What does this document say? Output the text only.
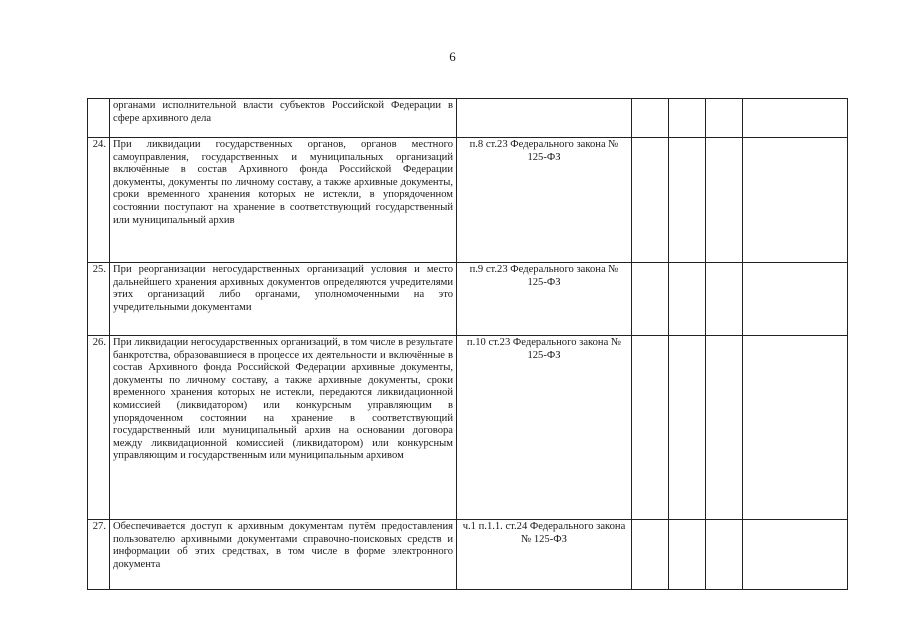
6
	органами исполнительной власти субъектов Российской Федерации в сфере архивного дела					
24.	При ликвидации государственных органов, органов местного самоуправления, государственных и муниципальных организаций включённые в состав Архивного фонда Российской Федерации документы, документы по личному составу, а также архивные документы, сроки временного хранения которых не истекли, в упорядоченном состоянии поступают на хранение в соответствующий государственный или муниципальный архив	п.8 ст.23 Федерального закона № 125-ФЗ				
25.	При реорганизации негосударственных организаций условия и место дальнейшего хранения архивных документов определяются учредителями этих организаций либо органами, уполномоченными на это учредительными документами	п.9 ст.23 Федерального закона № 125-ФЗ				
26.	При ликвидации негосударственных организаций, в том числе в результате банкротства, образовавшиеся в процессе их деятельности и включённые в состав Архивного фонда Российской Федерации архивные документы, документы по личному составу, а также архивные документы, сроки временного хранения которых не истекли, передаются ликвидационной комиссией (ликвидатором) или конкурсным управляющим в упорядоченном состоянии на хранение в соответствующий государственный или муниципальный архив на основании договора между ликвидационной комиссией (ликвидатором) или конкурсным управляющим и государственным или муниципальным архивом	п.10 ст.23 Федерального закона № 125-ФЗ				
27.	Обеспечивается доступ к архивным документам путём предоставления пользователю архивными документами справочно-поисковых средств и информации об этих средствах, в том числе в форме электронного документа	ч.1 п.1.1. ст.24 Федерального закона № 125-ФЗ				
